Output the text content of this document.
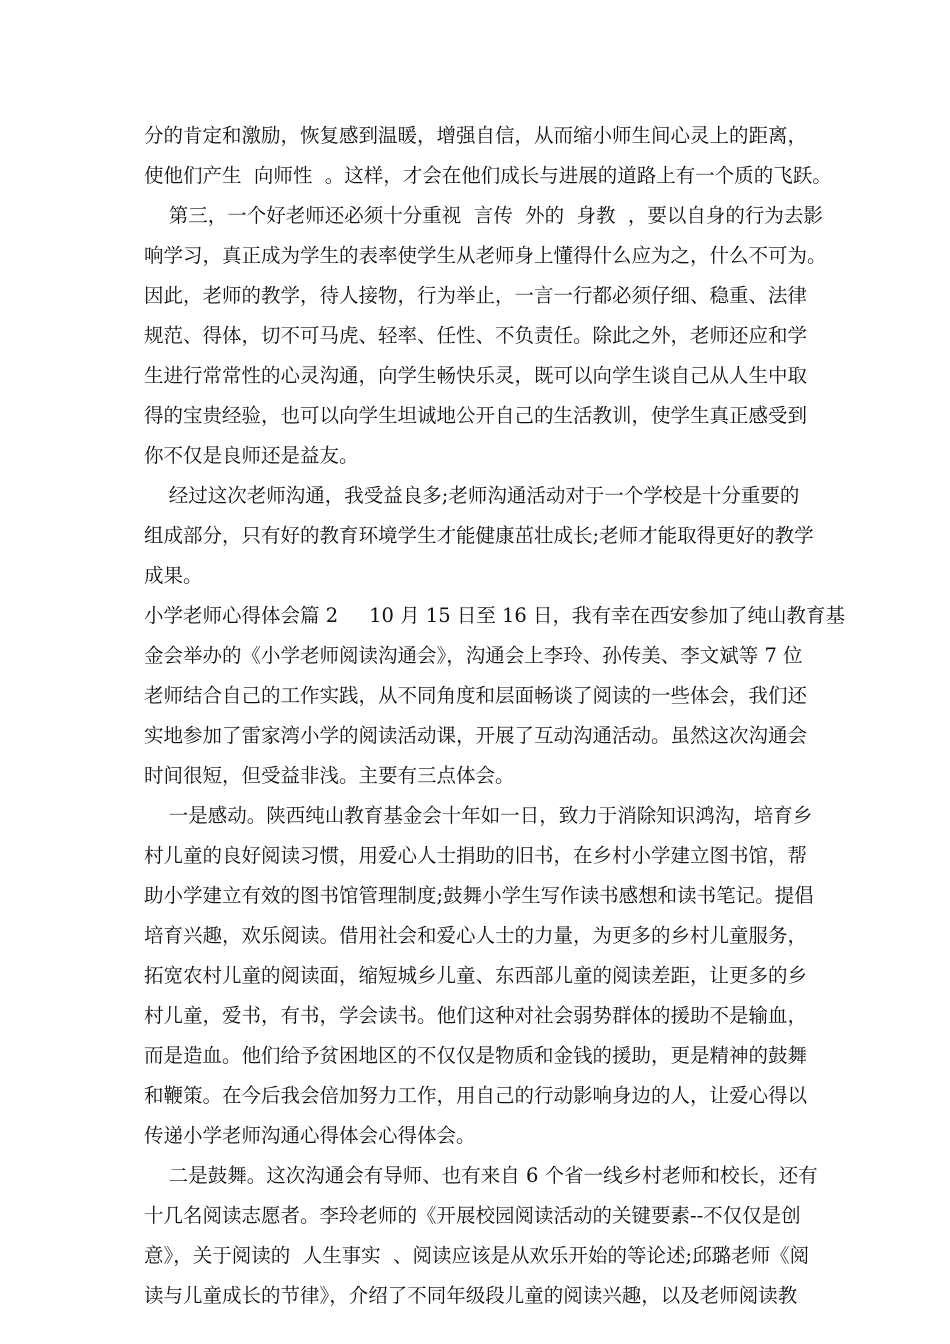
分的肯定和激励，恢复感到温暖，增强自信，从而缩小师生间心灵上的距离，
使他们产生  向师性  。这样，才会在他们成长与进展的道路上有一个质的飞跃。
第三，一个好老师还必须十分重视  言传  外的  身教  ，要以自身的行为去影
响学习，真正成为学生的表率使学生从老师身上懂得什么应为之，什么不可为。
因此，老师的教学，待人接物，行为举止，一言一行都必须仔细、稳重、法律
规范、得体，切不可马虎、轻率、任性、不负责任。除此之外，老师还应和学
生进行常常性的心灵沟通，向学生畅快乐灵，既可以向学生谈自己从人生中取
得的宝贵经验，也可以向学生坦诚地公开自己的生活教训，使学生真正感受到
你不仅是良师还是益友。
经过这次老师沟通，我受益良多;老师沟通活动对于一个学校是十分重要的
组成部分，只有好的教育环境学生才能健康茁壮成长;老师才能取得更好的教学
成果。
小学老师心得体会篇 2     10 月 15 日至 16 日，我有幸在西安参加了纯山教育基
金会举办的《小学老师阅读沟通会》，沟通会上李玲、孙传美、李文斌等 7 位
老师结合自己的工作实践，从不同角度和层面畅谈了阅读的一些体会，我们还
实地参加了雷家湾小学的阅读活动课，开展了互动沟通活动。虽然这次沟通会
时间很短，但受益非浅。主要有三点体会。
一是感动。陕西纯山教育基金会十年如一日，致力于消除知识鸿沟，培育乡
村儿童的良好阅读习惯，用爱心人士捐助的旧书，在乡村小学建立图书馆，帮
助小学建立有效的图书馆管理制度;鼓舞小学生写作读书感想和读书笔记。提倡
培育兴趣，欢乐阅读。借用社会和爱心人士的力量，为更多的乡村儿童服务，
拓宽农村儿童的阅读面，缩短城乡儿童、东西部儿童的阅读差距，让更多的乡
村儿童，爱书，有书，学会读书。他们这种对社会弱势群体的援助不是输血，
而是造血。他们给予贫困地区的不仅仅是物质和金钱的援助，更是精神的鼓舞
和鞭策。在今后我会倍加努力工作，用自己的行动影响身边的人，让爱心得以
传递小学老师沟通心得体会心得体会。
二是鼓舞。这次沟通会有导师、也有来自 6 个省一线乡村老师和校长，还有
十几名阅读志愿者。李玲老师的《开展校园阅读活动的关键要素--不仅仅是创
意》，关于阅读的  人生事实  、阅读应该是从欢乐开始的等论述;邱璐老师《阅
读与儿童成长的节律》，介绍了不同年级段儿童的阅读兴趣，以及老师阅读教
